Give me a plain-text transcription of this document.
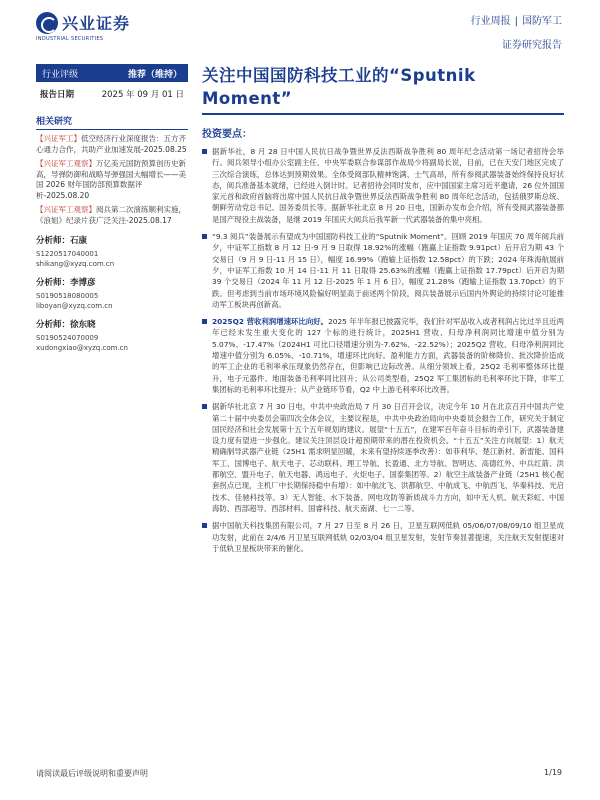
兴业证券
INDUSTRIAL SECURITIES
行业周报 | 国防军工
证券研究报告
行业评级	推荐（维持）
报告日期	2025 年 09 月 01 日
相关研究
【兴证军工】低空经济行业深度报告：五方齐心通力合作，共助产业加速发展-2025.08.25
【兴证军工观察】万亿美元国防预算创历史新高，导弹防御和战略导弹强国大幅增长——美国 2026 财年国防部预算数据评析-2025.08.20
【兴证军工观察】阅兵第二次演练顺利实施，《浪姐》纪录片获广泛关注-2025.08.17
分析师：石康
S1220517040001
shikang@xyzq.com.cn
分析师：李博彦
S0190518080005
liboyan@xyzq.com.cn
分析师：徐东晓
S0190524070009
xudongxiao@xyzq.com.cn
关注中国国防科技工业的“Sputnik Moment”
投资要点：
据新华社，8 月 28 日中国人民抗日战争暨世界反法西斯战争胜利 80 周年纪念活动第一场记者招待会举行。阅兵领导小组办公室副主任、中央军委联合参谋部作战局少将副局长说，目前，已在天安门地区完成了三次综合演练，总体达到预期效果。全体受阅部队精神饱满、士气高昂，所有参阅武器装备始终保持良好状态，阅兵准备基本就绪，已经进入倒计时。记者招待会同时发布，应中国国家主席习近平邀请，26 位外国国家元首和政府首脑将出席中国人民抗日战争暨世界反法西斯战争胜利 80 周年纪念活动，包括俄罗斯总统、朝鲜劳动党总书记、国务委员长等。据新华社北京 8 月 20 日电，国新办发布会介绍，所有受阅武器装备都是国产现役主战装备，是继 2019 年国庆大阅兵后我军新一代武器装备的集中亮相。
“9.3 阅兵”装备展示有望成为中国国防科技工业的“Sputnik Moment”。回顾 2019 年国庆 70 周年阅兵前夕，中证军工指数 8 月 12 日-9 月 9 日取得 18.92%的涨幅（跑赢上证指数 9.91pct）后开启为期 43 个交易日（9 月 9 日-11 月 15 日），幅度 16.99%（跑输上证指数 12.58pct）的下跌；2024 年珠海航展前夕，中证军工指数 10 月 14 日-11 月 11 日取得 25.63%的涨幅（跑赢上证指数 17.79pct）后开启为期 39 个交易日（2024 年 11 月 12 日-2025 年 1 月 6 日），幅度 21.28%（跑输上证指数 13.70pct）的下跌。但考虑到当前市场环境风险偏好明显高于前述两个阶段，阅兵装备展示后国内外舆论的持续讨论可能推动军工板块再创新高。
2025Q2 营收利润增速环比向好。2025 年半年报已披露完毕，我们针对军品收入或者利润占比过半且近两年已经未发生重大变化的 127 个标的进行统计，2025H1 营收、归母净利润同比增速中值分别为 5.07%、-17.47%（2024H1 可比口径增速分别为-7.62%、-22.52%）；2025Q2 营收、归母净利润同比增速中值分别为 6.05%、-10.71%，增速环比向好。盈利能力方面，武器装备的阶梯降价、批次降价造成的军工企业的毛利率承压现象仍然存在，但影响已边际改善。从细分领域上看，25Q2 毛利率整体环比提升，电子元器件、地面装备毛利率同比回升；从公司类型看，25Q2 军工集团标的毛利率环比下降，非军工集团标的毛利率环比提升；从产业链环节看，Q2 中上游毛利率环比改善。
据新华社北京 7 月 30 日电，中共中央政治局 7 月 30 日召开会议，决定今年 10 月在北京召开中国共产党第二十届中央委员会第四次全体会议，主要议程是，中共中央政治局向中央委员会报告工作，研究关于制定国民经济和社会发展第十五个五年规划的建议。展望“十五五”，在建军百年奋斗目标的牵引下，武器装备建设力度有望进一步强化。建议关注顶层设计超预期带来的潜在投资机会。“十五五”关注方向展望：1）航天精确制导武器产业链（25H1 需求明显回暖，未来有望持续逐季改善）：如菲利华、楚江新材、新雷能、国科军工、国博电子、航天电子、芯动联科、理工导航、长盈通、北方导航、智明达、高德红外、中兵红箭、洪都航空、盟升电子、航天电器、鸿远电子、火炬电子、国泰集团等。2）航空主战装备产业链（25H1 核心配套拐点已现，主机厂中长期保持稳中有增）：如中航沈飞、洪都航空、中航成飞、中航西飞、华秦科技、光启技术、佳驰科技等。3）无人智能、水下装备、网电攻防等新质战斗力方向，如中无人机、航天彩虹、中国海防、西部超导、西部材料、国睿科技、航天南湖、七一二等。
据中国航天科技集团有限公司，7 月 27 日至 8 月 26 日，卫星互联网低轨 05/06/07/08/09/10 组卫星成功发射，此前在 2/4/6 月卫星互联网低轨 02/03/04 组卫星发射，发射节奏显著提速，关注航天发射提速对于低轨卫星板块带来的催化。
请阅读最后评级说明和重要声明	1/19
